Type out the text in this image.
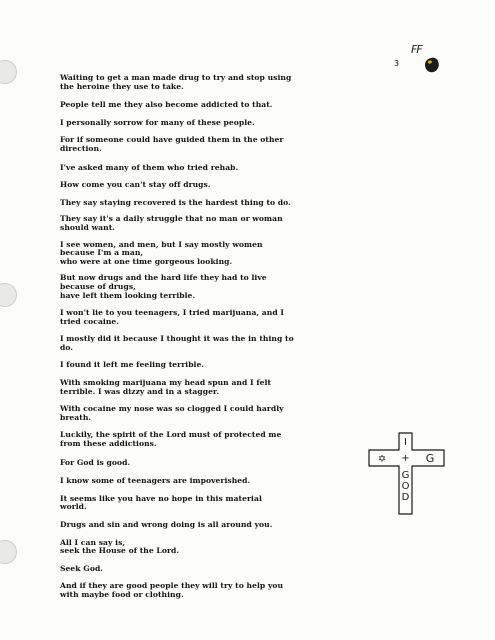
FF
3

Waiting to get a man made drug to try and stop using
the heroine they use to take.

People tell me they also become addicted to that.

I personally sorrow for many of these people.

For if someone could have guided them in the other
direction.

I've asked many of them who tried rehab.

How come you can't stay off drugs.

They say staying recovered is the hardest thing to do.

They say it's a daily struggle that no man or woman
should want.

I see women, and men, but I say mostly women
because I'm a man,
who were at one time gorgeous looking.

But now drugs and the hard life they had to live
because of drugs,
have left them looking terrible.

I won't lie to you teenagers, I tried marijuana, and I
tried cocaine.

I mostly did it because I thought it was the in thing to
do.

I found it left me feeling terrible.

With smoking marijuana my head spun and I felt
terrible. I was dizzy and in a stagger.

With cocaine my nose was so clogged I could hardly
breath.

Luckily, the spirit of the Lord must of protected me
from these addictions.

For God is good.

I know some of teenagers are impoverished.

It seems like you have no hope in this material
world.

Drugs and sin and wrong doing is all around you.

All I can say is,
seek the House of the Lord.

Seek God.

And if they are good people they will try to help you
with maybe food or clothing.

I
+
✡	G
G
O
D
